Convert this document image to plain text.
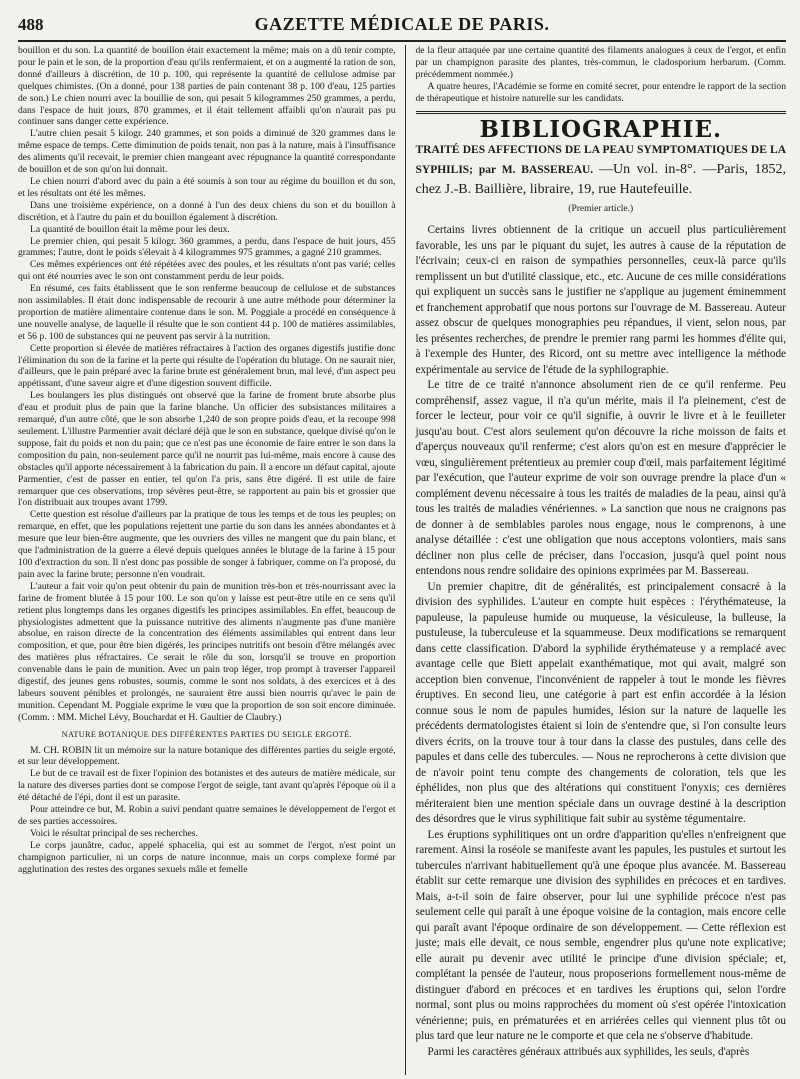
488	GAZETTE MÉDICALE DE PARIS.

bouillon et du son. La quantité de bouillon était exactement la même; mais on a dû tenir compte, pour le pain et le son, de la proportion d'eau qu'ils renfermaient, et on a augmenté la ration de son, donné d'ailleurs à discrétion, de 10 p. 100, qui représente la quantité de cellulose admise par quelques chimistes. (On a donné, pour 138 parties de pain contenant 38 p. 100 d'eau, 125 parties de son.) Le chien nourri avec la bouillie de son, qui pesait 5 kilogrammes 250 grammes, a perdu, dans l'espace de huit jours, 870 grammes, et il était tellement affaibli qu'on n'aurait pas pu continuer sans danger cette expérience.

L'autre chien pesait 5 kilogr. 240 grammes, et son poids a diminué de 320 grammes dans le même espace de temps. Cette diminution de poids tenait, non pas à la nature, mais à l'insuffisance des aliments qu'il recevait, le premier chien mangeant avec répugnance la quantité correspondante de bouillon et de son qu'on lui donnait.

Le chien nourri d'abord avec du pain a été soumis à son tour au régime du bouillon et du son, et les résultats ont été les mêmes.

Dans une troisième expérience, on a donné à l'un des deux chiens du son et du bouillon à discrétion, et à l'autre du pain et du bouillon également à discrétion.

La quantité de bouillon était la même pour les deux.

Le premier chien, qui pesait 5 kilogr. 360 grammes, a perdu, dans l'espace de huit jours, 455 grammes; l'autre, dont le poids s'élevait à 4 kilogrammes 975 grammes, a gagné 210 grammes.

Ces mêmes expériences ont été répétées avec des poules, et les résultats n'ont pas varié; celles qui ont été nourries avec le son ont constamment perdu de leur poids.

En résumé, ces faits établissent que le son renferme beaucoup de cellulose et de substances non assimilables. Il était donc indispensable de recourir à une autre méthode pour déterminer la proportion de matière alimentaire contenue dans le son. M. Poggiale a procédé en conséquence à une nouvelle analyse, de laquelle il résulte que le son contient 44 p. 100 de matières assimilables, et 56 p. 100 de substances qui ne peuvent pas servir à la nutrition.

Cette proportion si élevée de matières réfractaires à l'action des organes digestifs justifie donc l'élimination du son de la farine et la perte qui résulte de l'opération du blutage. On ne saurait nier, d'ailleurs, que le pain préparé avec la farine brute est généralement brun, mal levé, d'un aspect peu appétissant, d'une saveur aigre et d'une digestion souvent difficile.

Les boulangers les plus distingués ont observé que la farine de froment brute absorbe plus d'eau et produit plus de pain que la farine blanche. Un officier des subsistances militaires a remarqué, d'un autre côté, que le son absorbe 1,240 de son propre poids d'eau, et la recoupe 998 seulement. L'illustre Parmentier avait déclaré déjà que le son en substance, quelque divisé qu'on le suppose, fait du poids et non du pain; que ce n'est pas une économie de faire entrer le son dans la composition du pain, non-seulement parce qu'il ne nourrit pas lui-même, mais encore à cause des obstacles qu'il apporte nécessairement à la fabrication du pain. Il a encore un défaut capital, ajoute Parmentier, c'est de passer en entier, tel qu'on l'a pris, sans être digéré. Il est utile de faire remarquer que ces observations, trop sévères peut-être, se rapportent au pain bis et grossier que l'on distribuait aux troupes avant 1799.

Cette question est résolue d'ailleurs par la pratique de tous les temps et de tous les peuples; on remarque, en effet, que les populations rejettent une partie du son dans les années abondantes et à mesure que leur bien-être augmente, que les ouvriers des villes ne mangent que du pain blanc, et que l'administration de la guerre a élevé depuis quelques années le blutage de la farine à 15 pour 100 d'extraction du son. Il n'est donc pas possible de songer à fabriquer, comme on l'a proposé, du pain avec la farine brute; personne n'en voudrait.

L'auteur a fait voir qu'on peut obtenir du pain de munition très-bon et très-nourrissant avec la farine de froment blutée à 15 pour 100. Le son qu'on y laisse est peut-être utile en ce sens qu'il retient plus longtemps dans les organes digestifs les principes assimilables. En effet, beaucoup de physiologistes admettent que la puissance nutritive des aliments n'augmente pas d'une manière absolue, en raison directe de la concentration des éléments assimilables qui entrent dans leur composition, et que, pour être bien digérés, les principes nutritifs ont besoin d'être mélangés avec des matières plus réfractaires. Ce serait le rôle du son, lorsqu'il se trouve en proportion convenable dans le pain de munition. Avec un pain trop léger, trop prompt à traverser l'appareil digestif, des jeunes gens robustes, soumis, comme le sont nos soldats, à des exercices et à des labeurs souvent pénibles et prolongés, ne sauraient être aussi bien nourris qu'avec le pain de munition. Cependant M. Poggiale exprime le vœu que la proportion de son soit encore diminuée. (Comm. : MM. Michel Lévy, Bouchardat et H. Gaultier de Claubry.)

NATURE BOTANIQUE DES DIFFÉRENTES PARTIES DU SEIGLE ERGOTÉ.

M. CH. ROBIN lit un mémoire sur la nature botanique des différentes parties du seigle ergoté, et sur leur développement.

Le but de ce travail est de fixer l'opinion des botanistes et des auteurs de matière médicale, sur la nature des diverses parties dont se compose l'ergot de seigle, tant avant qu'après l'époque où il a été détaché de l'épi, dont il est un parasite.

Pour atteindre ce but, M. Robin a suivi pendant quatre semaines le développement de l'ergot et de ses parties accessoires.

Voici le résultat principal de ses recherches.

Le corps jaunâtre, caduc, appelé sphacelia, qui est au sommet de l'ergot, n'est point un champignon particulier, ni un corps de nature inconnue, mais un corps complexe formé par agglutination des restes des organes sexuels mâle et femelle

de la fleur attaquée par une certaine quantité des filaments analogues à ceux de l'ergot, et enfin par un champignon parasite des plantes, très-commun, le cladosporium herbarum. (Comm. précédemment nommée.)

A quatre heures, l'Académie se forme en comité secret, pour entendre le rapport de la section de thérapeutique et histoire naturelle sur les candidats.

BIBLIOGRAPHIE.

TRAITÉ DES AFFECTIONS DE LA PEAU SYMPTOMATIQUES DE LA SYPHILIS; par M. BASSEREAU. —Un vol. in-8°. —Paris, 1852, chez J.-B. Baillière, libraire, 19, rue Hautefeuille.

(Premier article.)

Certains livres obtiennent de la critique un accueil plus particulièrement favorable, les uns par le piquant du sujet, les autres à cause de la réputation de l'écrivain; ceux-ci en raison de sympathies personnelles, ceux-là parce qu'ils remplissent un but d'utilité classique, etc., etc. Aucune de ces mille considérations qui expliquent un succès sans le justifier ne s'applique au jugement éminemment et franchement approbatif que nous portons sur l'ouvrage de M. Bassereau. Auteur assez obscur de quelques monographies peu répandues, il vient, selon nous, par les présentes recherches, de prendre le premier rang parmi les hommes d'élite qui, à l'exemple des Hunter, des Ricord, ont su mettre avec intelligence la méthode expérimentale au service de l'étude de la syphilographie.

Le titre de ce traité n'annonce absolument rien de ce qu'il renferme. Peu compréhensif, assez vague, il n'a qu'un mérite, mais il l'a pleinement, c'est de forcer le lecteur, pour voir ce qu'il signifie, à ouvrir le livre et à le feuilleter jusqu'au bout. C'est alors seulement qu'on découvre la riche moisson de faits et d'aperçus nouveaux qu'il renferme; c'est alors qu'on est en mesure d'apprécier le vœu, singulièrement prétentieux au premier coup d'œil, mais parfaitement légitimé par l'exécution, que l'auteur exprime de voir son ouvrage prendre la place d'un « complément devenu nécessaire à tous les traités de maladies de la peau, ainsi qu'à tous les traités de maladies vénériennes. » La sanction que nous ne craignons pas de donner à de semblables paroles nous engage, nous le comprenons, à une analyse détaillée : c'est une obligation que nous acceptons volontiers, mais sans décliner non plus celle de préciser, dans l'occasion, jusqu'à quel point nous entendons nous rendre solidaire des opinions exprimées par M. Bassereau.

Un premier chapitre, dit de généralités, est principalement consacré à la division des syphilides. L'auteur en compte huit espèces : l'érythémateuse, la papuleuse, la papuleuse humide ou muqueuse, la vésiculeuse, la bulleuse, la pustuleuse, la tuberculeuse et la squammeuse. Deux modifications se remarquent dans cette classification. D'abord la syphilide érythémateuse y a remplacé avec avantage celle que Biett appelait exanthématique, mot qui avait, malgré son acception bien convenue, l'inconvénient de rappeler à tout le monde les fièvres éruptives. En second lieu, une catégorie à part est enfin accordée à la lésion connue sous le nom de papules humides, lésion sur la nature de laquelle les précédents dermatologistes étaient si loin de s'entendre que, si l'on consulte leurs divers écrits, on la trouve tour à tour dans la classe des pustules, dans celle des papules et dans celle des tubercules. — Nous ne reprocherons à cette division que de n'avoir point tenu compte des changements de coloration, tels que les éphélides, non plus que des altérations qui constituent l'onyxis; ces dernières mériteraient bien une mention spéciale dans un ouvrage destiné à la description des désordres que le virus syphilitique fait subir au système tégumentaire.

Les éruptions syphilitiques ont un ordre d'apparition qu'elles n'enfreignent que rarement. Ainsi la roséole se manifeste avant les papules, les pustules et surtout les tubercules n'arrivant habituellement qu'à une époque plus avancée. M. Bassereau établit sur cette remarque une division des syphilides en précoces et en tardives. Mais, a-t-il soin de faire observer, pour lui une syphilide précoce n'est pas seulement celle qui paraît à une époque voisine de la contagion, mais encore celle qui paraît avant l'époque ordinaire de son développement. — Cette réflexion est juste; mais elle devait, ce nous semble, engendrer plus qu'une note explicative; elle aurait pu devenir avec utilité le principe d'une division spéciale; et, complétant la pensée de l'auteur, nous proposerions formellement nous-même de distinguer d'abord en précoces et en tardives les éruptions qui, selon l'ordre normal, sont plus ou moins rapprochées du moment où s'est opérée l'intoxication vénérienne; puis, en prématurées et en arriérées celles qui viennent plus tôt ou plus tard que leur nature ne le comporte et que cela ne s'observe d'habitude.

Parmi les caractères généraux attribués aux syphilides, les seuls, d'après
